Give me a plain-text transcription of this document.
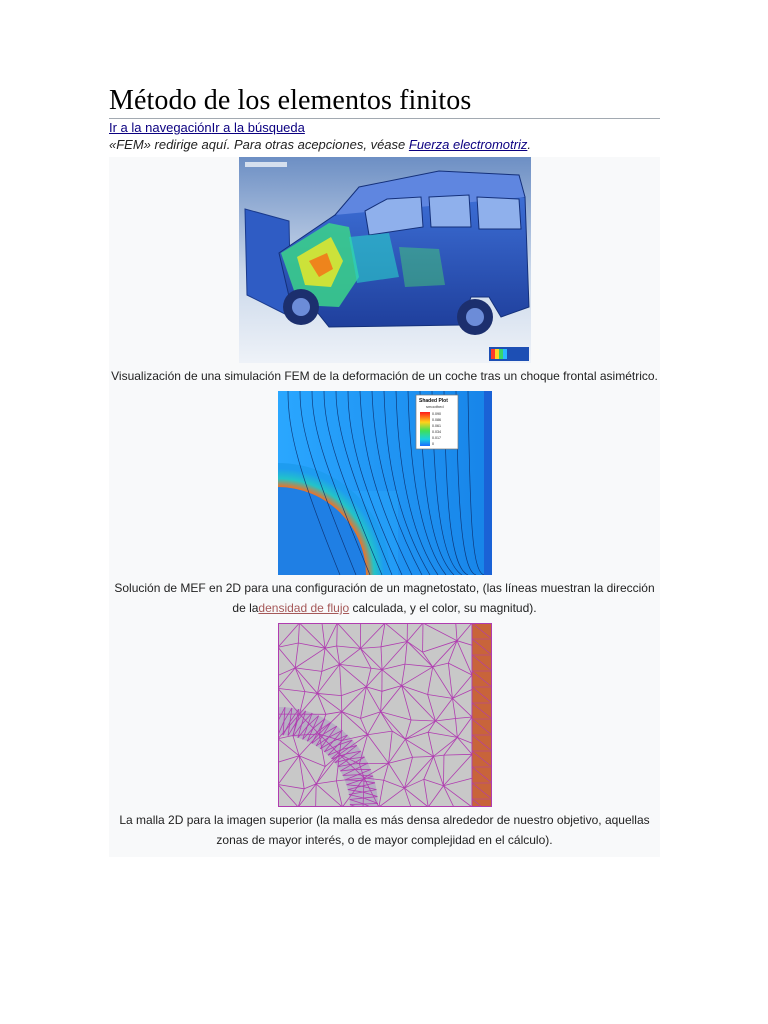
Método de los elementos finitos
Ir a la navegaciónIr a la búsqueda
«FEM» redirige aquí. Para otras acepciones, véase Fuerza electromotriz.
Visualización de una simulación FEM de la deformación de un coche tras un choque frontal asimétrico.
Shaded Plot
smoothed
0.090
0.086
0.061
0.034
0.017
0
Solución de MEF en 2D para una configuración de un magnetostato, (las líneas muestran la dirección de ladensidad de flujo calculada, y el color, su magnitud).
La malla 2D para la imagen superior (la malla es más densa alrededor de nuestro objetivo, aquellas zonas de mayor interés, o de mayor complejidad en el cálculo).
